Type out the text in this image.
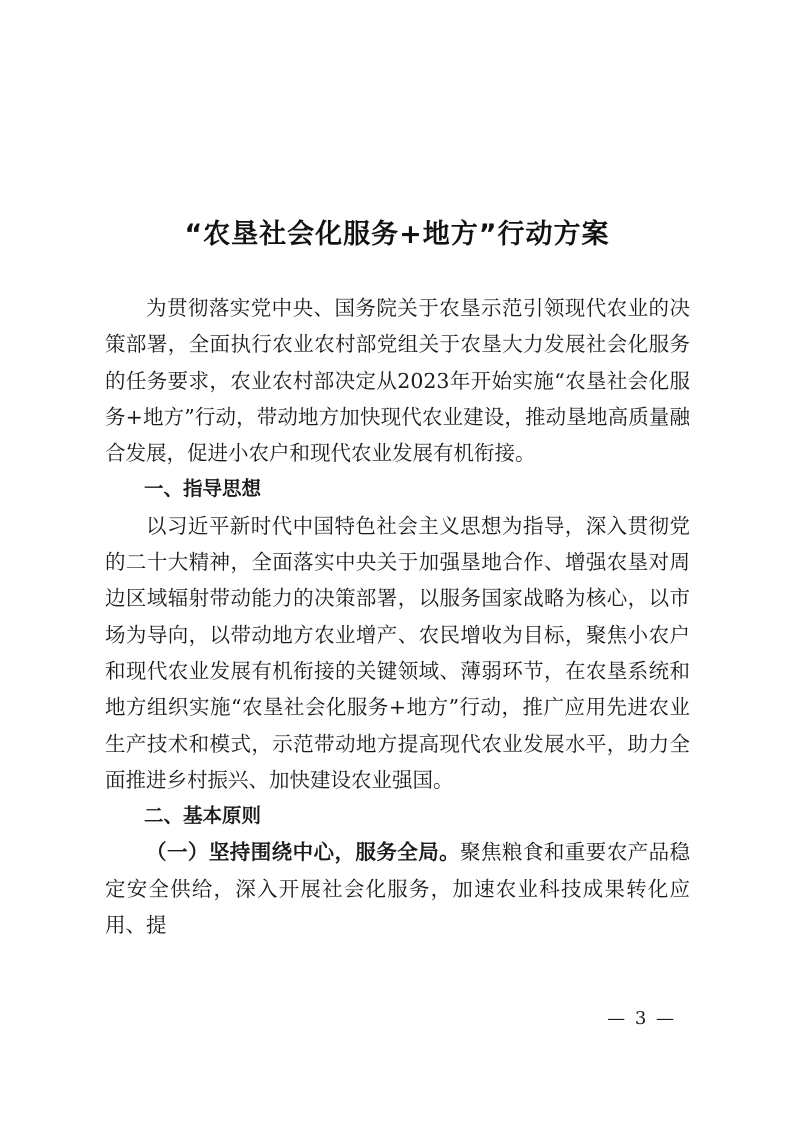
“农垦社会化服务+地方”行动方案

为贯彻落实党中央、国务院关于农垦示范引领现代农业的决策部署，全面执行农业农村部党组关于农垦大力发展社会化服务的任务要求，农业农村部决定从2023年开始实施“农垦社会化服务+地方”行动，带动地方加快现代农业建设，推动垦地高质量融合发展，促进小农户和现代农业发展有机衔接。

一、指导思想

以习近平新时代中国特色社会主义思想为指导，深入贯彻党的二十大精神，全面落实中央关于加强垦地合作、增强农垦对周边区域辐射带动能力的决策部署，以服务国家战略为核心，以市场为导向，以带动地方农业增产、农民增收为目标，聚焦小农户和现代农业发展有机衔接的关键领域、薄弱环节，在农垦系统和地方组织实施“农垦社会化服务+地方”行动，推广应用先进农业生产技术和模式，示范带动地方提高现代农业发展水平，助力全面推进乡村振兴、加快建设农业强国。

二、基本原则

（一）坚持围绕中心，服务全局。聚焦粮食和重要农产品稳定安全供给，深入开展社会化服务，加速农业科技成果转化应用、提

— 3 —
